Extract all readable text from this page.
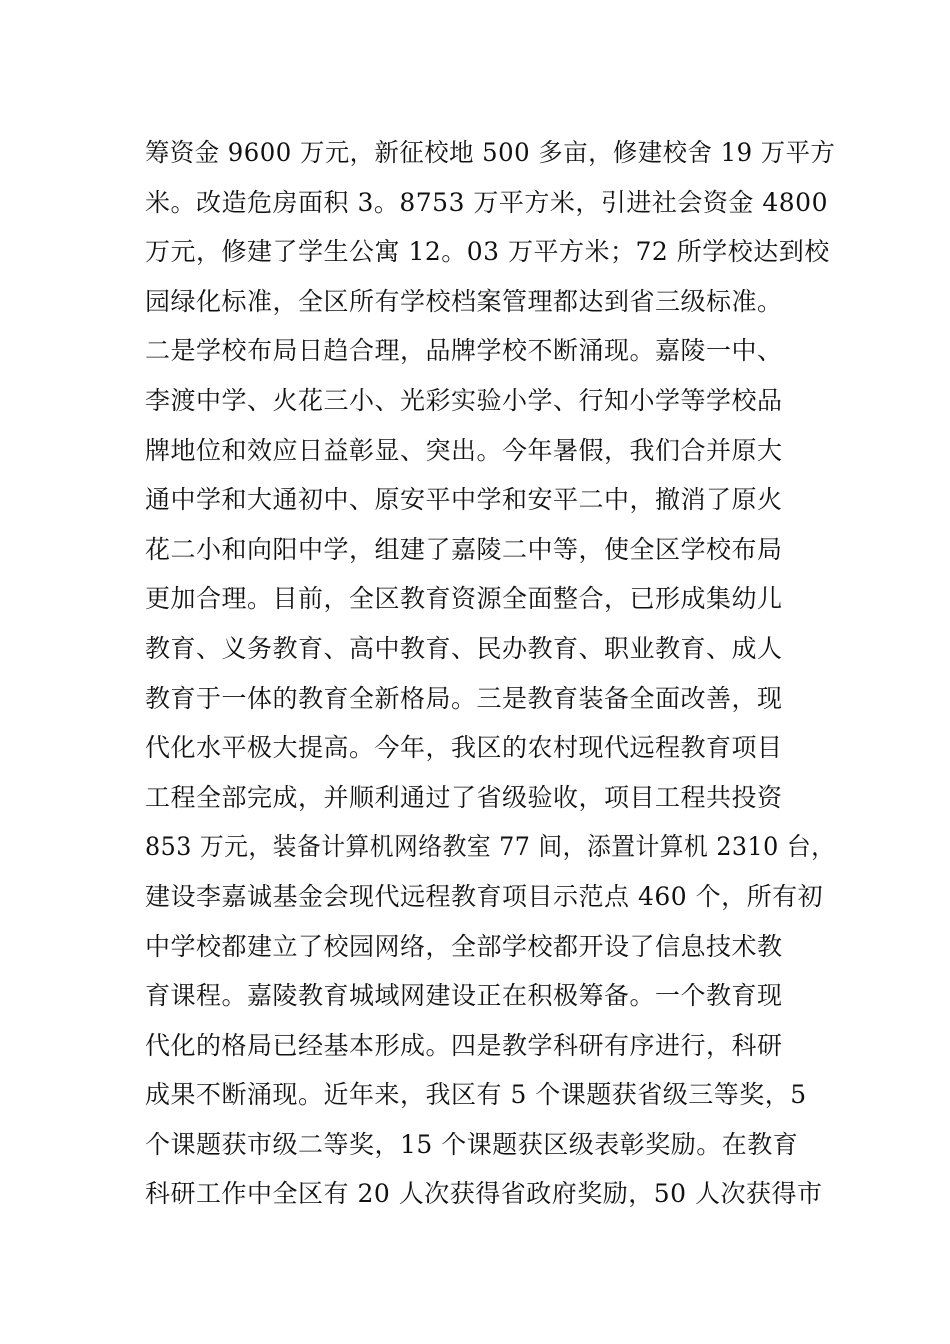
筹资金 9600 万元，新征校地 500 多亩，修建校舍 19 万平方
米。改造危房面积 3。8753 万平方米，引进社会资金 4800
万元，修建了学生公寓 12。03 万平方米；72 所学校达到校
园绿化标准，全区所有学校档案管理都达到省三级标准。
二是学校布局日趋合理，品牌学校不断涌现。嘉陵一中、
李渡中学、火花三小、光彩实验小学、行知小学等学校品
牌地位和效应日益彰显、突出。今年暑假，我们合并原大
通中学和大通初中、原安平中学和安平二中，撤消了原火
花二小和向阳中学，组建了嘉陵二中等，使全区学校布局
更加合理。目前，全区教育资源全面整合，已形成集幼儿
教育、义务教育、高中教育、民办教育、职业教育、成人
教育于一体的教育全新格局。三是教育装备全面改善，现
代化水平极大提高。今年，我区的农村现代远程教育项目
工程全部完成，并顺利通过了省级验收，项目工程共投资
853 万元，装备计算机网络教室 77 间，添置计算机 2310 台，
建设李嘉诚基金会现代远程教育项目示范点 460 个，所有初
中学校都建立了校园网络，全部学校都开设了信息技术教
育课程。嘉陵教育城域网建设正在积极筹备。一个教育现
代化的格局已经基本形成。四是教学科研有序进行，科研
成果不断涌现。近年来，我区有 5 个课题获省级三等奖，5
个课题获市级二等奖，15 个课题获区级表彰奖励。在教育
科研工作中全区有 20 人次获得省政府奖励，50 人次获得市
